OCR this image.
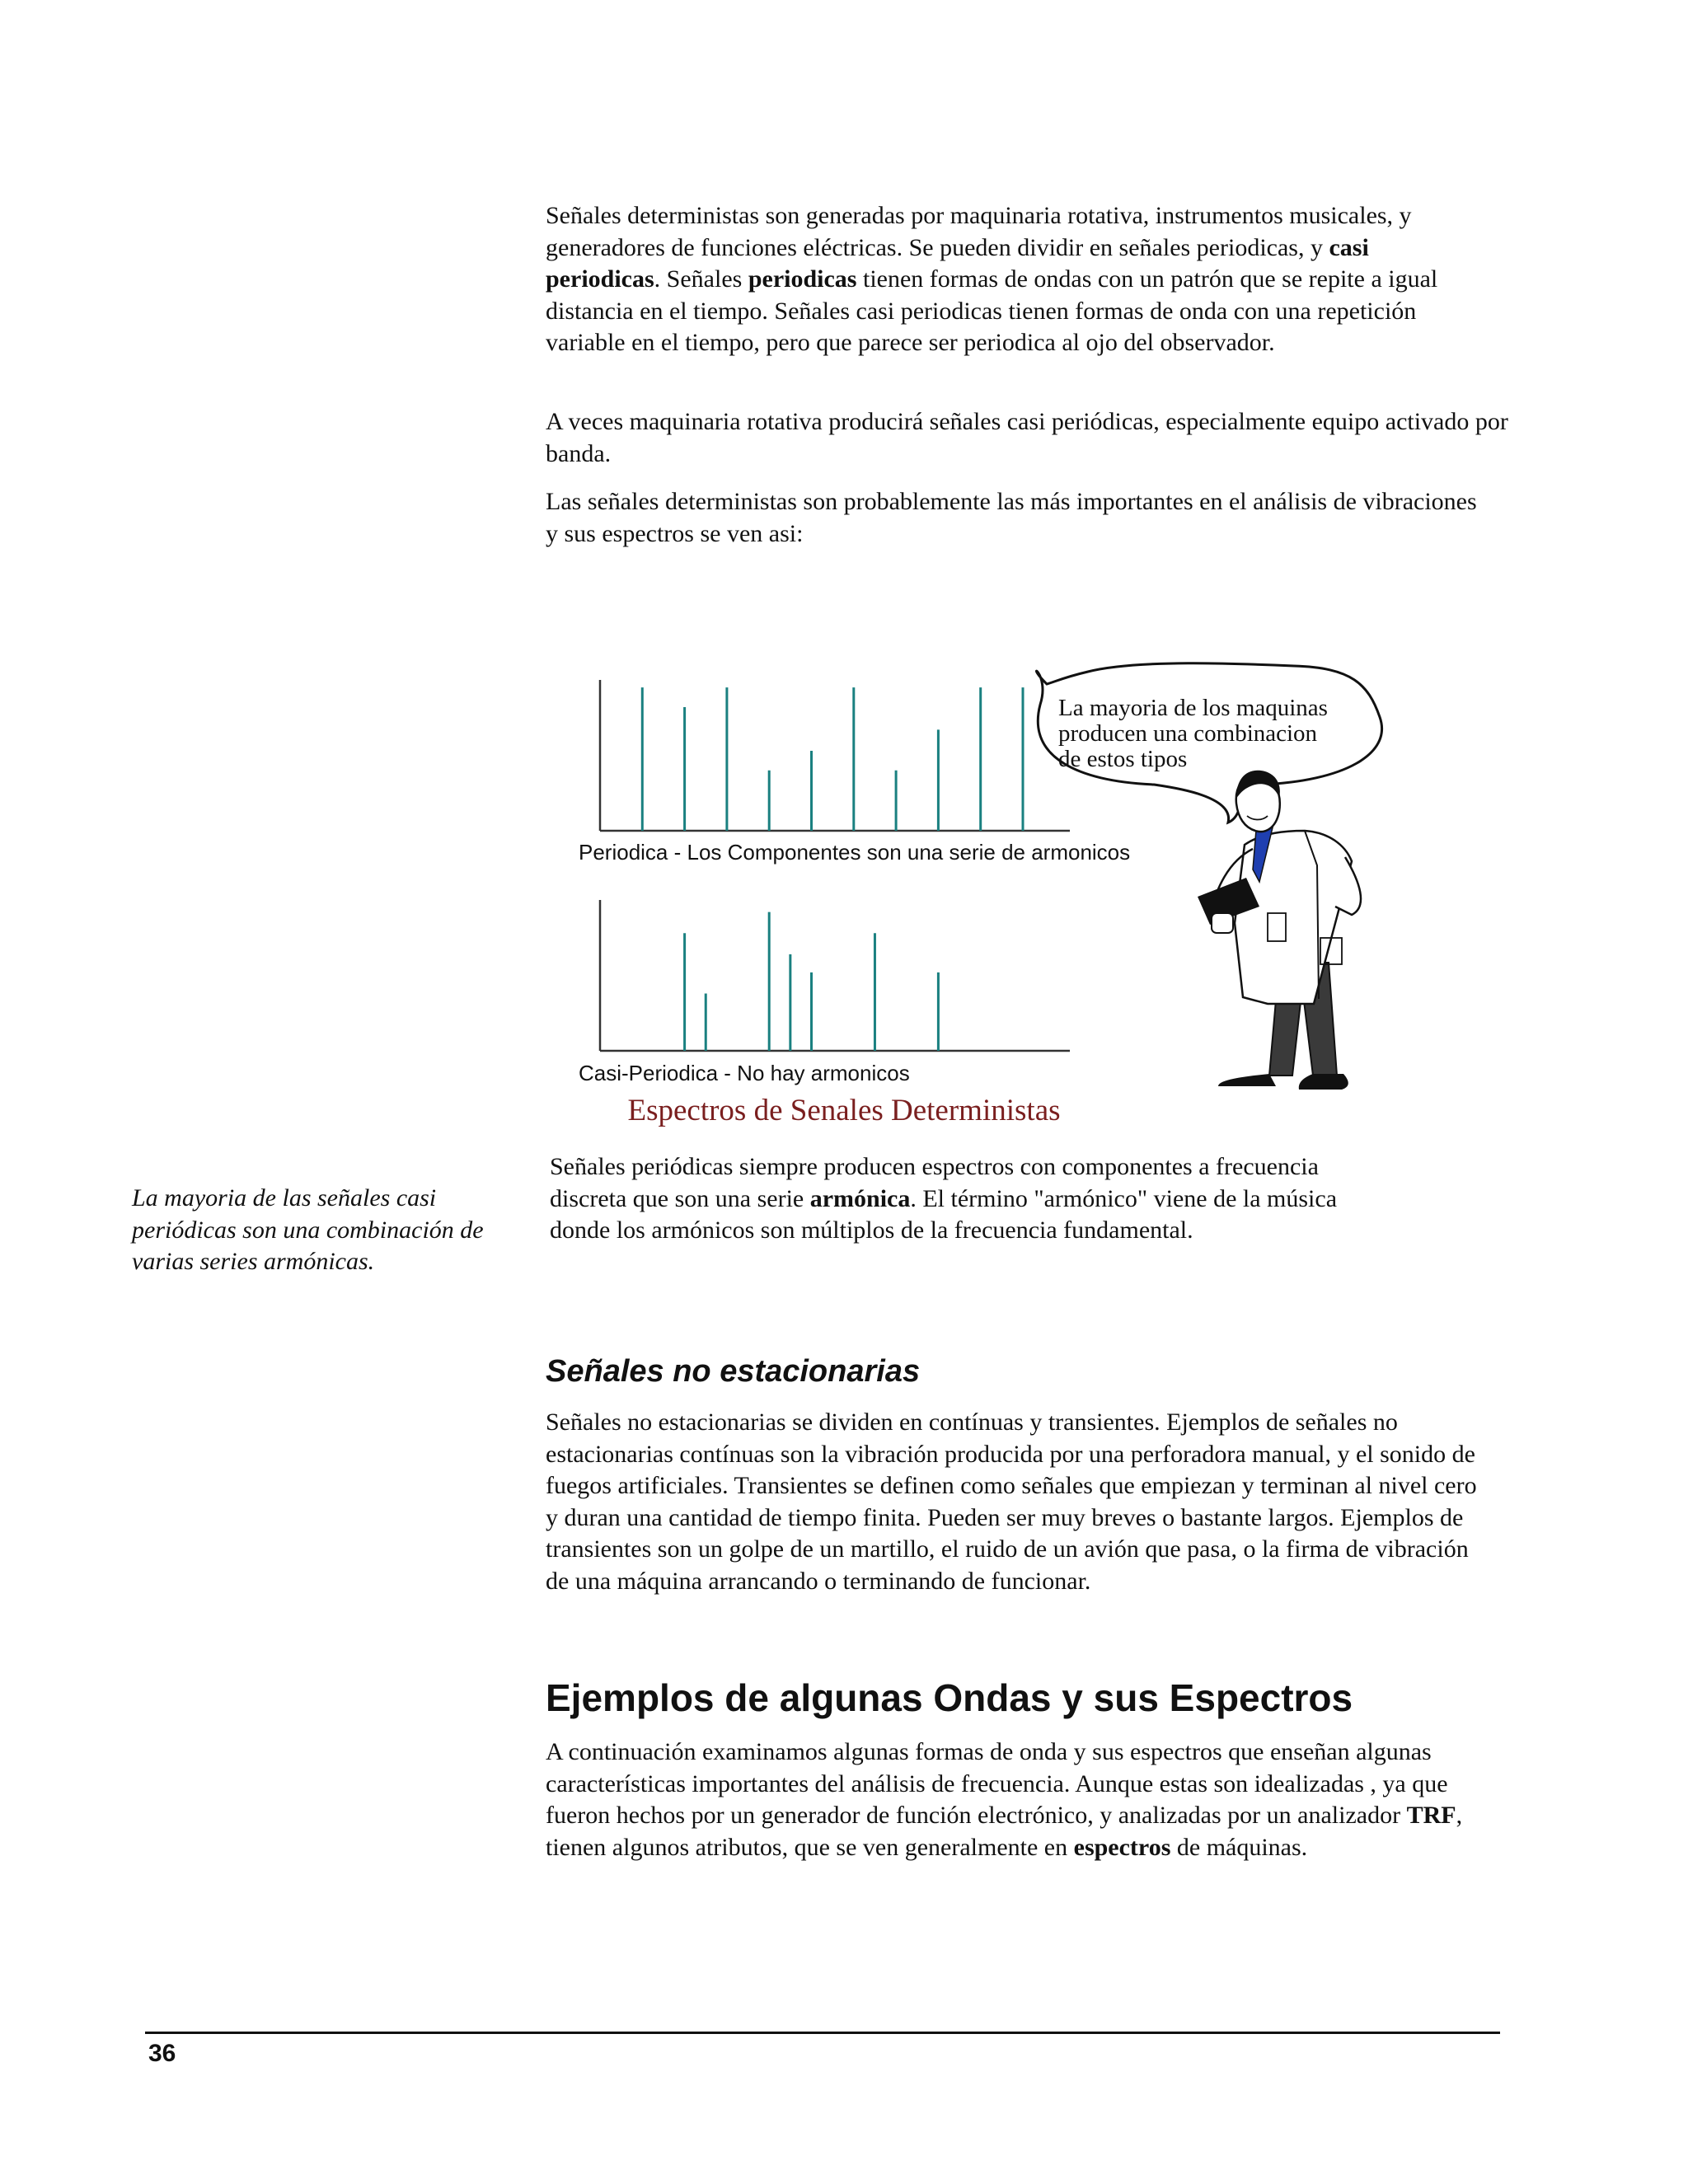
Señales deterministas son generadas por maquinaria rotativa, instrumentos musicales, y generadores de funciones eléctricas. Se pueden dividir en señales periodicas, y casi periodicas. Señales periodicas tienen formas de ondas con un patrón que se repite a igual distancia en el tiempo. Señales casi periodicas tienen formas de onda con una repetición variable en el tiempo, pero que parece ser periodica al ojo del observador.

A veces maquinaria rotativa producirá señales casi periódicas, especialmente equipo activado por banda.

Las señales deterministas son probablemente las más importantes en el análisis de vibraciones y sus espectros se ven asi:

Periodica - Los Componentes son una serie de armonicos
Casi-Periodica - No hay armonicos
La mayoria de los maquinas producen una combinacion de estos tipos

Espectros de Senales Deterministas

La mayoria de las señales casi periódicas son una combinación de varias series armónicas.

Señales periódicas siempre producen espectros con componentes a frecuencia discreta que son una serie armónica. El término "armónico" viene de la música donde los armónicos son múltiplos de la frecuencia fundamental.

Señales no estacionarias

Señales no estacionarias se dividen en contínuas y transientes. Ejemplos de señales no estacionarias contínuas son la vibración producida por una perforadora manual, y el sonido de fuegos artificiales. Transientes se definen como señales que empiezan y terminan al nivel cero y duran una cantidad de tiempo finita. Pueden ser muy breves o bastante largos. Ejemplos de transientes son un golpe de un martillo, el ruido de un avión que pasa, o la firma de vibración de una máquina arrancando o terminando de funcionar.

Ejemplos de algunas Ondas y sus Espectros

A continuación examinamos algunas formas de onda y sus espectros que enseñan algunas características importantes del análisis de frecuencia. Aunque estas son idealizadas , ya que fueron hechos por un generador de función electrónico, y analizadas por un analizador TRF, tienen algunos atributos, que se ven generalmente en espectros de máquinas.

36
